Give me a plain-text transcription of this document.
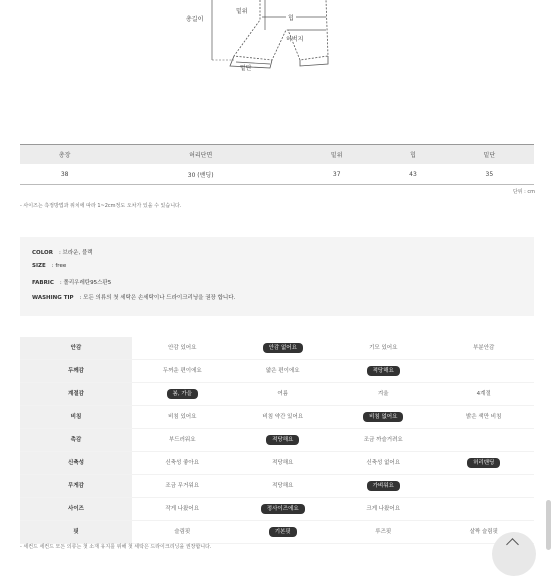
총길이
밑위
힙
허벅지
밑단
총장	허리단면	밑위	힙	밑단
38	30 (밴딩)	37	43	35
단위 : cm
- 사이즈는 측정방법과 위치에 따라 1~2cm정도 오차가 있을 수 있습니다.
COLOR : 브라운, 블랙
SIZE : free
FABRIC : 폴리우레탄95스판5
WASHING TIP : 모든 의류의 첫 세탁은 손세탁이나 드라이크리닝을 권장 합니다.
안감	안감 있어요	안감 없어요	기모 있어요	부분안감
두께감	두꺼운 편이에요	얇은 편이에요	적당해요	
계절감	봄, 가을	여름	겨울	4계절
비침	비침 있어요	비침 약간 있어요	비침 없어요	밝은 색만 비침
촉감	부드러워요	적당해요	조금 까슬거려요	
신축성	신축성 좋아요	적당해요	신축성 없어요	허리밴딩
무게감	조금 무거워요	적당해요	가벼워요	
사이즈	작게 나왔어요	정사이즈에요	크게 나왔어요	
핏	슬림핏	기본핏	루즈핏	살짝 슬림핏
- 세컨드 세컨드 모든 의류는 첫 소재 유지를 위해 첫 세탁은 드라이크리닝을 권장합니다.
